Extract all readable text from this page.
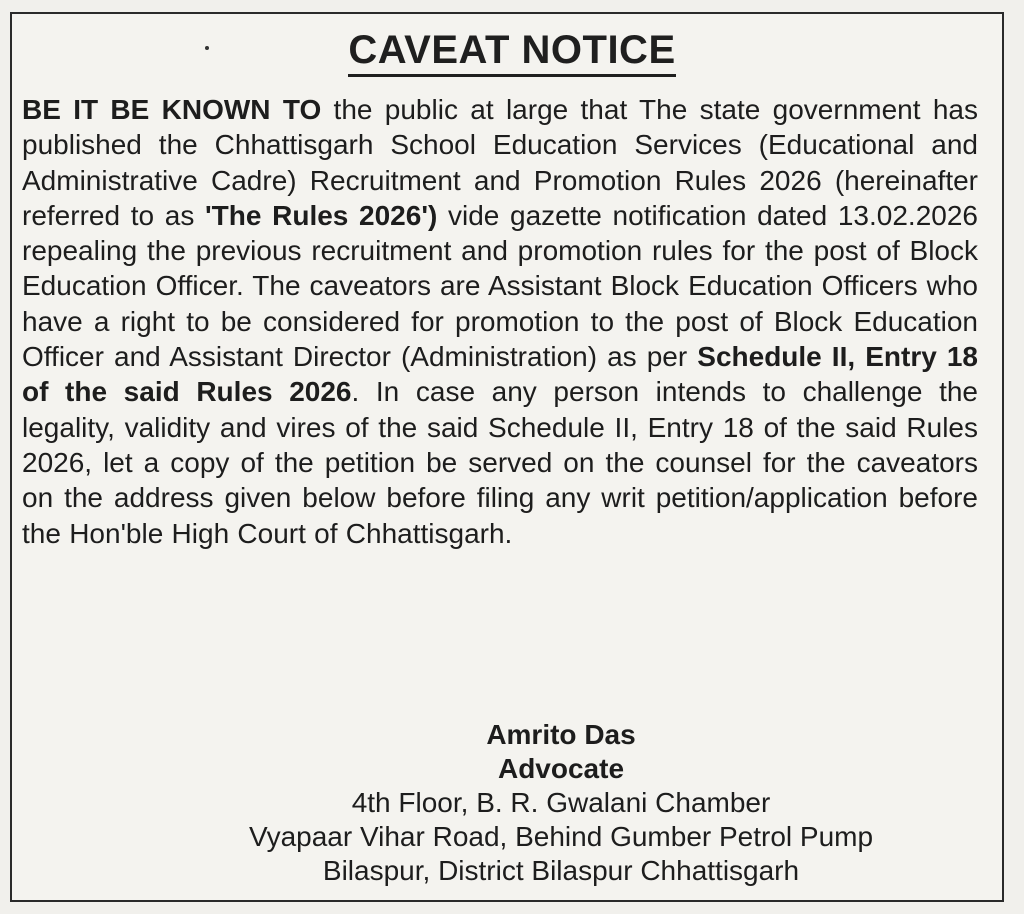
CAVEAT NOTICE
BE IT BE KNOWN TO the public at large that The state government has published the Chhattisgarh School Education Services (Educational and Administrative Cadre) Recruitment and Promotion Rules 2026 (hereinafter referred to as 'The Rules 2026') vide gazette notification dated 13.02.2026 repealing the previous recruitment and promotion rules for the post of Block Education Officer. The caveators are Assistant Block Education Officers who have a right to be considered for promotion to the post of Block Education Officer and Assistant Director (Administration) as per Schedule II, Entry 18 of the said Rules 2026. In case any person intends to challenge the legality, validity and vires of the said Schedule II, Entry 18 of the said Rules 2026, let a copy of the petition be served on the counsel for the caveators on the address given below before filing any writ petition/application before the Hon'ble High Court of Chhattisgarh.
Amrito Das
Advocate
4th Floor, B. R. Gwalani Chamber
Vyapaar Vihar Road, Behind Gumber Petrol Pump
Bilaspur, District Bilaspur Chhattisgarh
